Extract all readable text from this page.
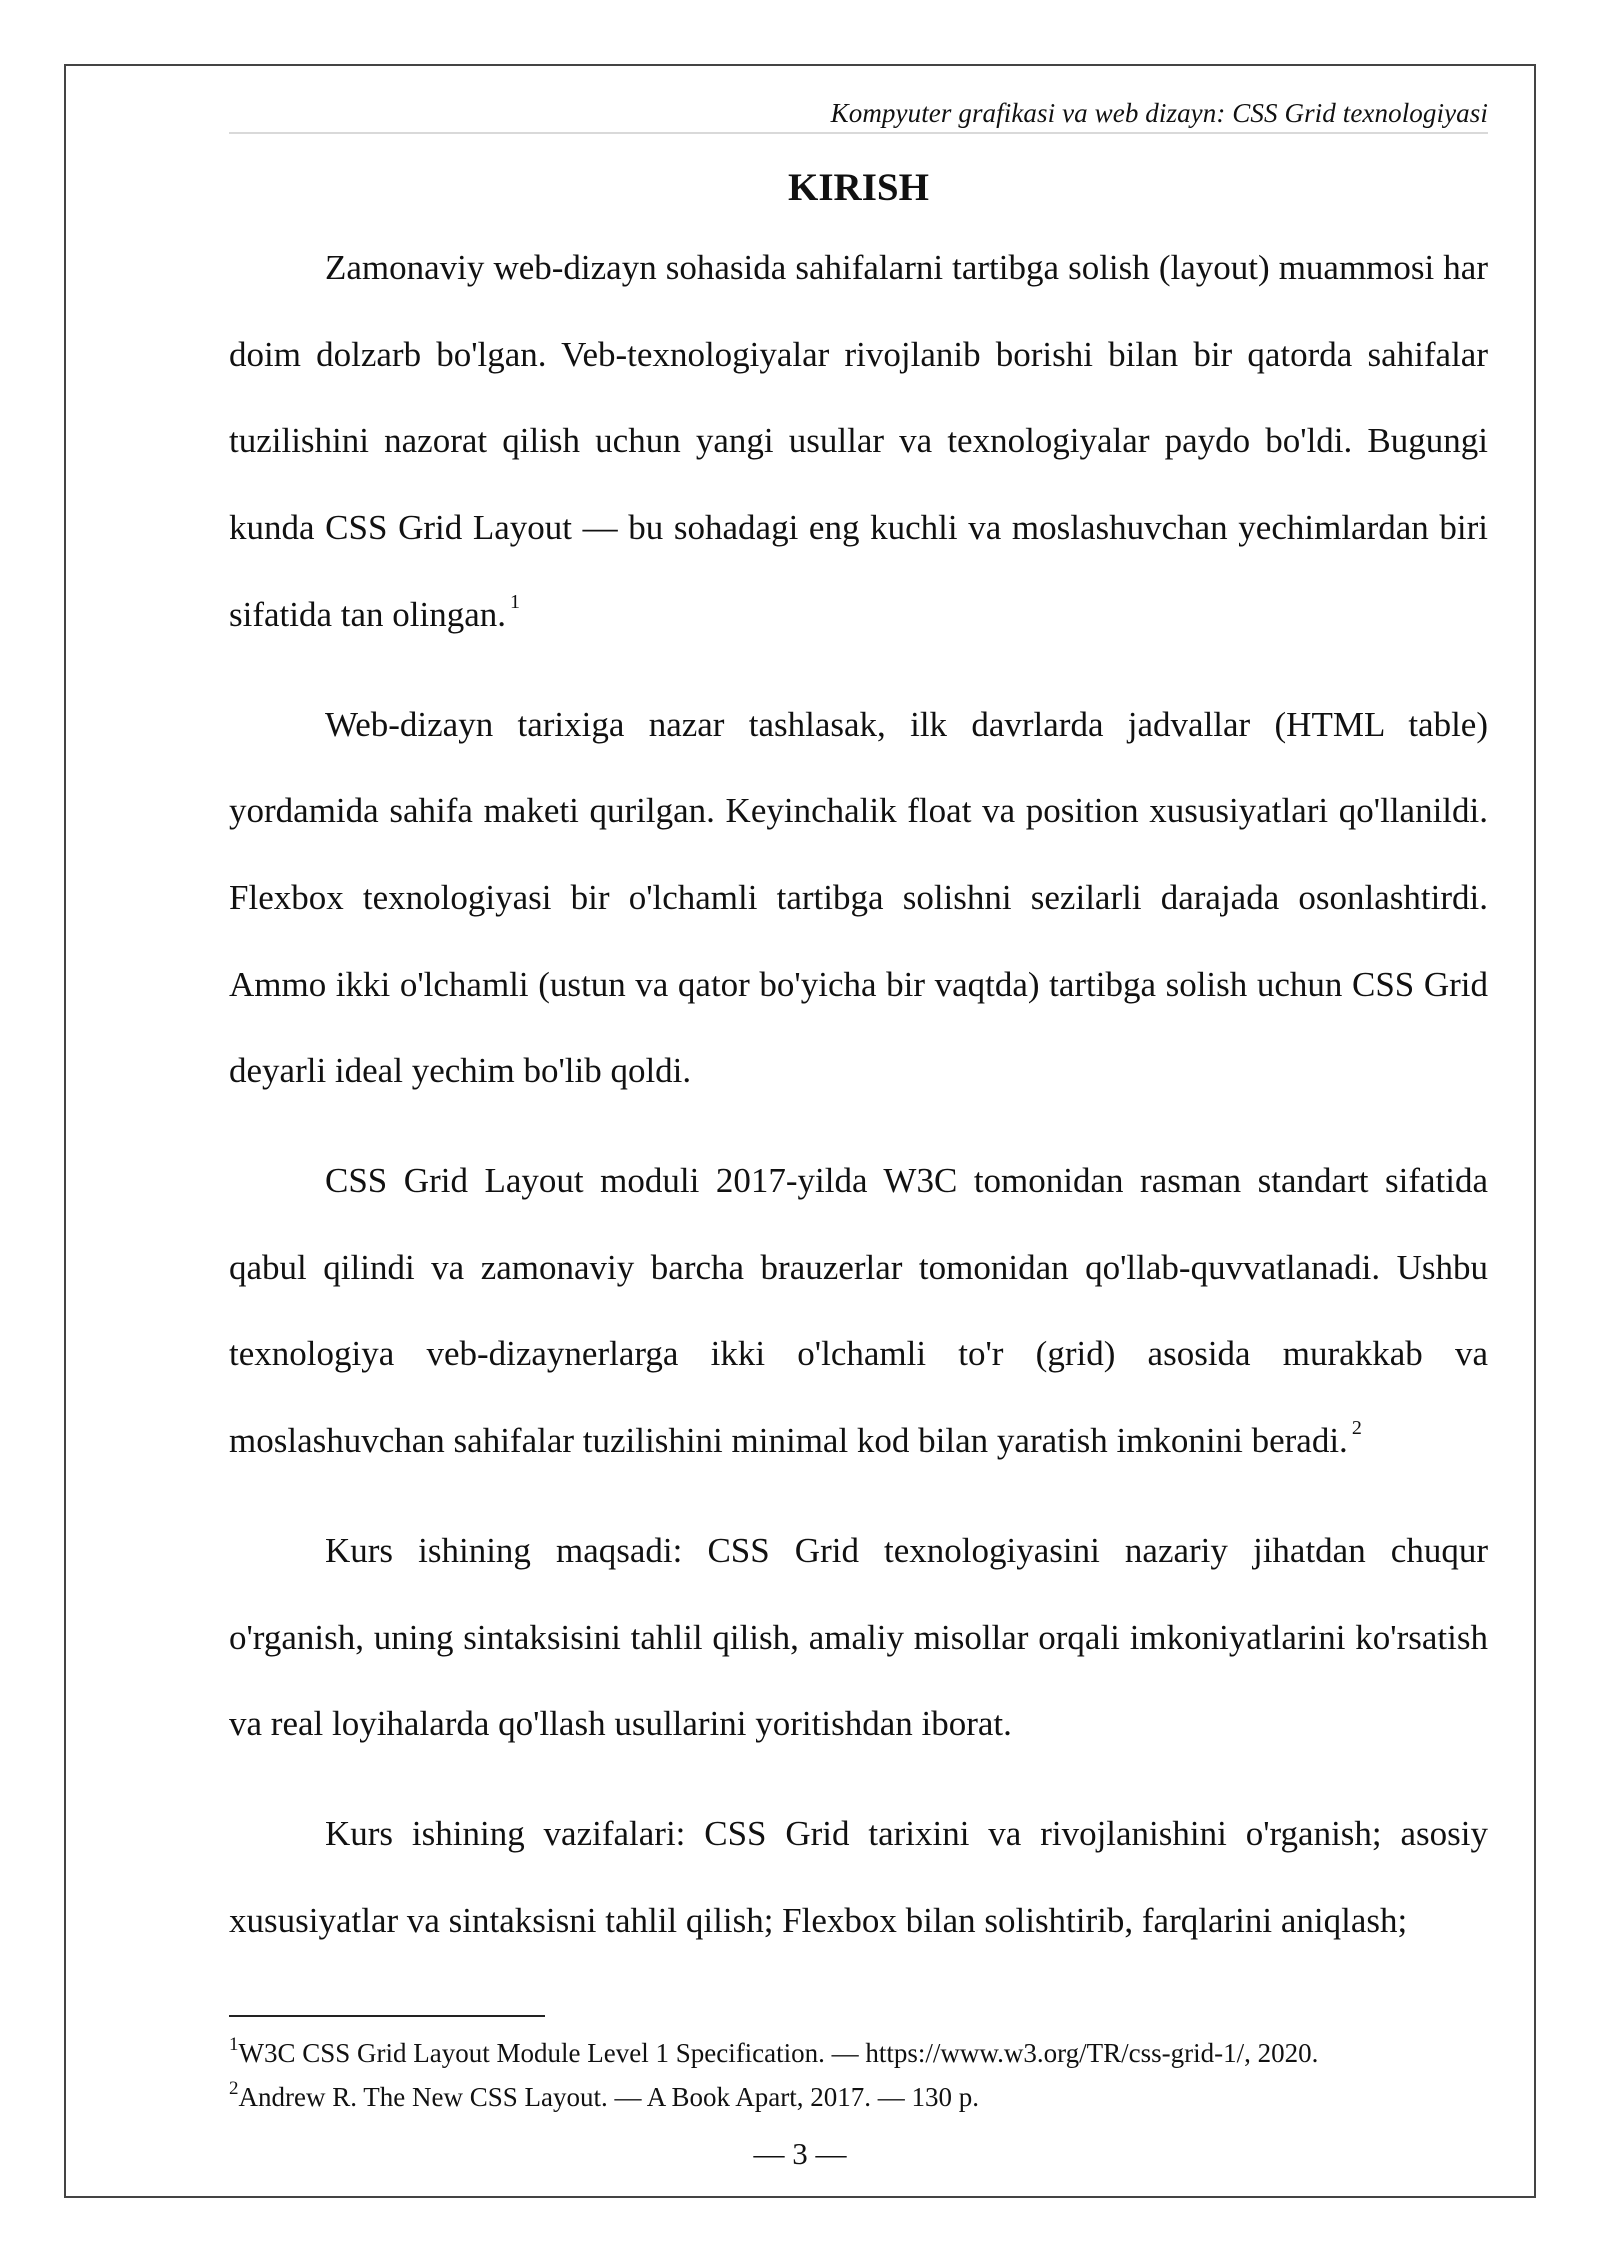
Kompyuter grafikasi va web dizayn: CSS Grid texnologiyasi
KIRISH

Zamonaviy web-dizayn sohasida sahifalarni tartibga solish (layout) muammosi har doim dolzarb bo'lgan. Veb-texnologiyalar rivojlanib borishi bilan bir qatorda sahifalar tuzilishini nazorat qilish uchun yangi usullar va texnologiyalar paydo bo'ldi. Bugungi kunda CSS Grid Layout — bu sohadagi eng kuchli va moslashuvchan yechimlardan biri sifatida tan olingan. $^1$

Web-dizayn tarixiga nazar tashlasak, ilk davrlarda jadvallar (HTML table) yordamida sahifa maketi qurilgan. Keyinchalik float va position xususiyatlari qo'llanildi. Flexbox texnologiyasi bir o'lchamli tartibga solishni sezilarli darajada osonlashtirdi. Ammo ikki o'lchamli (ustun va qator bo'yicha bir vaqtda) tartibga solish uchun CSS Grid deyarli ideal yechim bo'lib qoldi.

CSS Grid Layout moduli 2017-yilda W3C tomonidan rasman standart sifatida qabul qilindi va zamonaviy barcha brauzerlar tomonidan qo'llab-quvvatlanadi. Ushbu texnologiya veb-dizaynerlarga ikki o'lchamli to'r (grid) asosida murakkab va moslashuvchan sahifalar tuzilishini minimal kod bilan yaratish imkonini beradi. $^2$

Kurs ishining maqsadi: CSS Grid texnologiyasini nazariy jihatdan chuqur o'rganish, uning sintaksisini tahlil qilish, amaliy misollar orqali imkoniyatlarini ko'rsatish va real loyihalarda qo'llash usullarini yoritishdan iborat.

Kurs ishining vazifalari: CSS Grid tarixini va rivojlanishini o'rganish; asosiy xususiyatlar va sintaksisni tahlil qilish; Flexbox bilan solishtirib, farqlarini aniqlash;

$^1$W3C CSS Grid Layout Module Level 1 Specification. — https://www.w3.org/TR/css-grid-1/, 2020.

$^2$Andrew R. The New CSS Layout. — A Book Apart, 2017. — 130 p.

— 3 —
